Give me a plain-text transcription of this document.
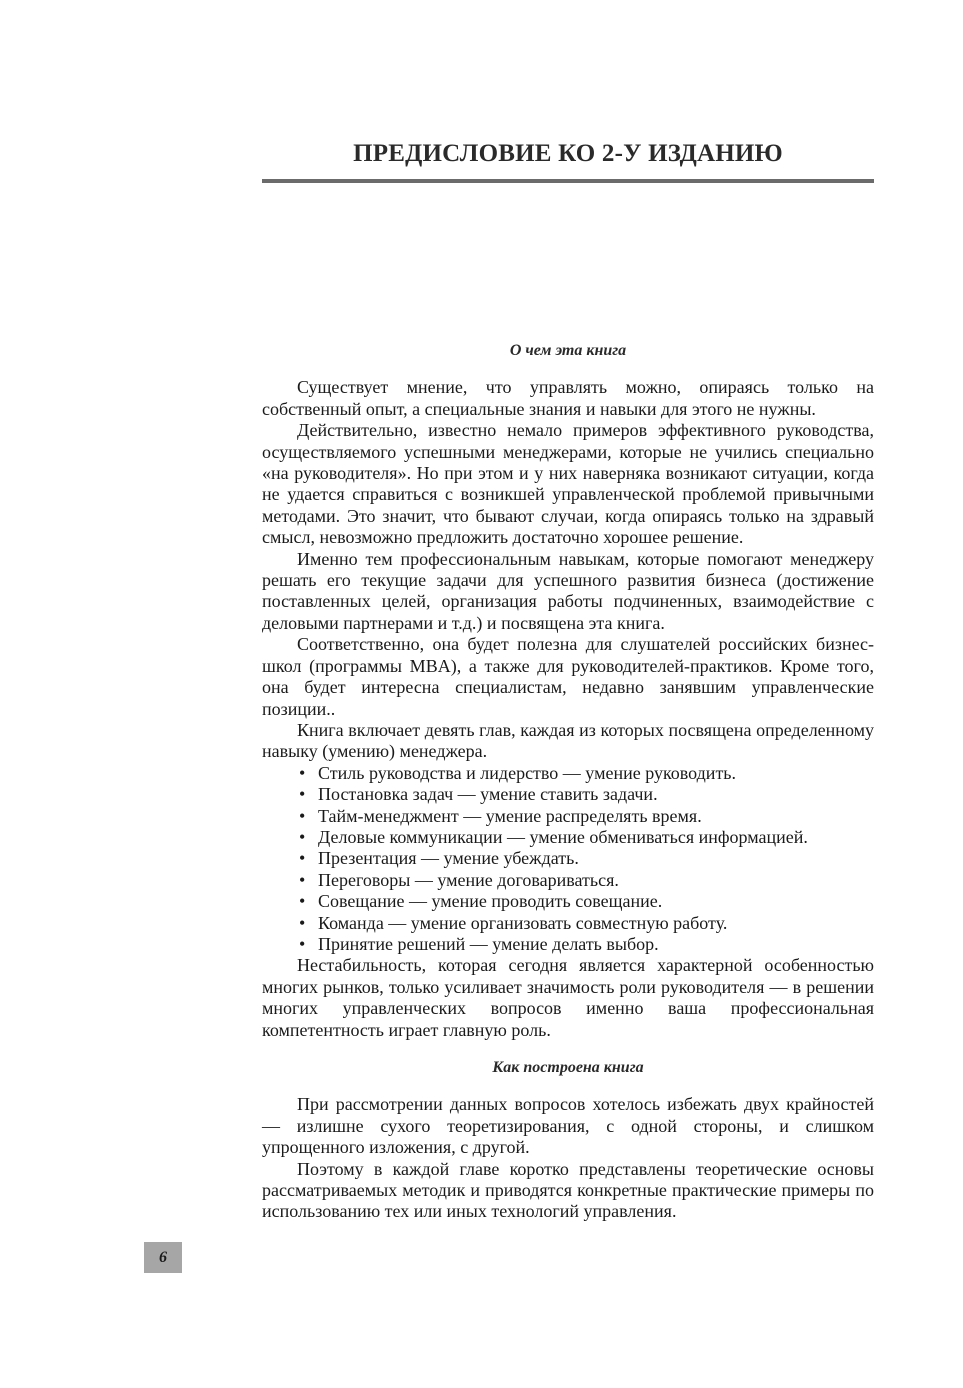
ПРЕДИСЛОВИЕ КО 2-У ИЗДАНИЮ
О чем эта книга

Существует мнение, что управлять можно, опираясь только на собственный опыт, а специальные знания и навыки для этого не нужны.

Действительно, известно немало примеров эффективного руководства, осуществляемого успешными менеджерами, которые не учились специально «на руководителя». Но при этом и у них наверняка возникают ситуации, когда не удается справиться с возникшей управленческой проблемой привычными методами. Это значит, что бывают случаи, когда опираясь только на здравый смысл, невозможно предложить достаточно хорошее решение.

Именно тем профессиональным навыкам, которые помогают менеджеру решать его текущие задачи для успешного развития бизнеса (достижение поставленных целей, организация работы подчиненных, взаимодействие с деловыми партнерами и т.д.) и посвящена эта книга.

Соответственно, она будет полезна для слушателей российских бизнес-школ (программы MBA), а также для руководителей-практиков. Кроме того, она будет интересна специалистам, недавно занявшим управленческие позиции..

Книга включает девять глав, каждая из которых посвящена определенному навыку (умению) менеджера.

• Стиль руководства и лидерство — умение руководить.
• Постановка задач — умение ставить задачи.
• Тайм-менеджмент — умение распределять время.
• Деловые коммуникации — умение обмениваться информацией.
• Презентация — умение убеждать.
• Переговоры — умение договариваться.
• Совещание — умение проводить совещание.
• Команда — умение организовать совместную работу.
• Принятие решений — умение делать выбор.

Нестабильность, которая сегодня является характерной особенностью многих рынков, только усиливает значимость роли руководителя — в решении многих управленческих вопросов именно ваша профессиональная компетентность играет главную роль.

Как построена книга

При рассмотрении данных вопросов хотелось избежать двух крайностей — излишне сухого теоретизирования, с одной стороны, и слишком упрощенного изложения, с другой.

Поэтому в каждой главе коротко представлены теоретические основы рассматриваемых методик и приводятся конкретные практические примеры по использованию тех или иных технологий управления.

6
